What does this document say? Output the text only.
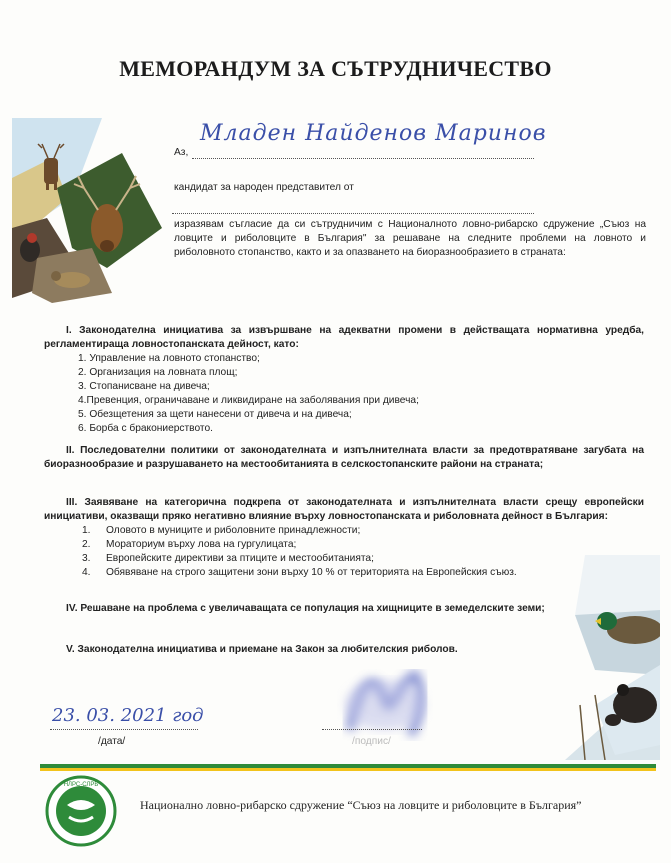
МЕМОРАНДУМ ЗА СЪТРУДНИЧЕСТВО
Аз,
Младен Найденов Маринов
кандидат за народен представител от
изразявам съгласие да си сътрудничим с Националното ловно-рибарско сдружение „Съюз на ловците и риболовците в България" за решаване на следните проблеми на ловното и риболовното стопанство, както и за опазването на биоразнообразието в страната:
I. Законодателна инициатива за извършване на адекватни промени в действащата нормативна уредба, регламентираща ловностопанската дейност, като:
1. Управление на ловното стопанство;
2. Организация на ловната площ;
3. Стопанисване на дивеча;
4.Превенция, ограничаване и ликвидиране на заболявания при дивеча;
5. Обезщетения за щети нанесени от дивеча и на дивеча;
6. Борба с бракониерството.
II. Последователни политики от законодателната и изпълнителната власти за предотвратяване загубата на биоразнообразие и разрушаването на местообитанията в селскостопанските райони на страната;
III. Заявяване на категорична подкрепа от законодателната и изпълнителната власти срещу европейски инициативи, оказващи пряко негативно влияние върху ловностопанската и риболовната дейност в България:
1. Оловото в муниците и риболовните принадлежности;
2. Мораториум върху лова на гургулицата;
3. Европейските директиви за птиците и местообитанията;
4. Обявяване на строго защитени зони върху 10 % от територията на Европейския съюз.
IV. Решаване на проблема с увеличаващата се популация на хищниците в земеделските земи;
V. Законодателна инициатива и приемане на Закон за любителския риболов.
23. 03. 2021 год
/дата/	/подпис/
НЛРС-СЛРБ
Национално ловно-рибарско сдружение “Съюз на ловците и риболовците в България”
